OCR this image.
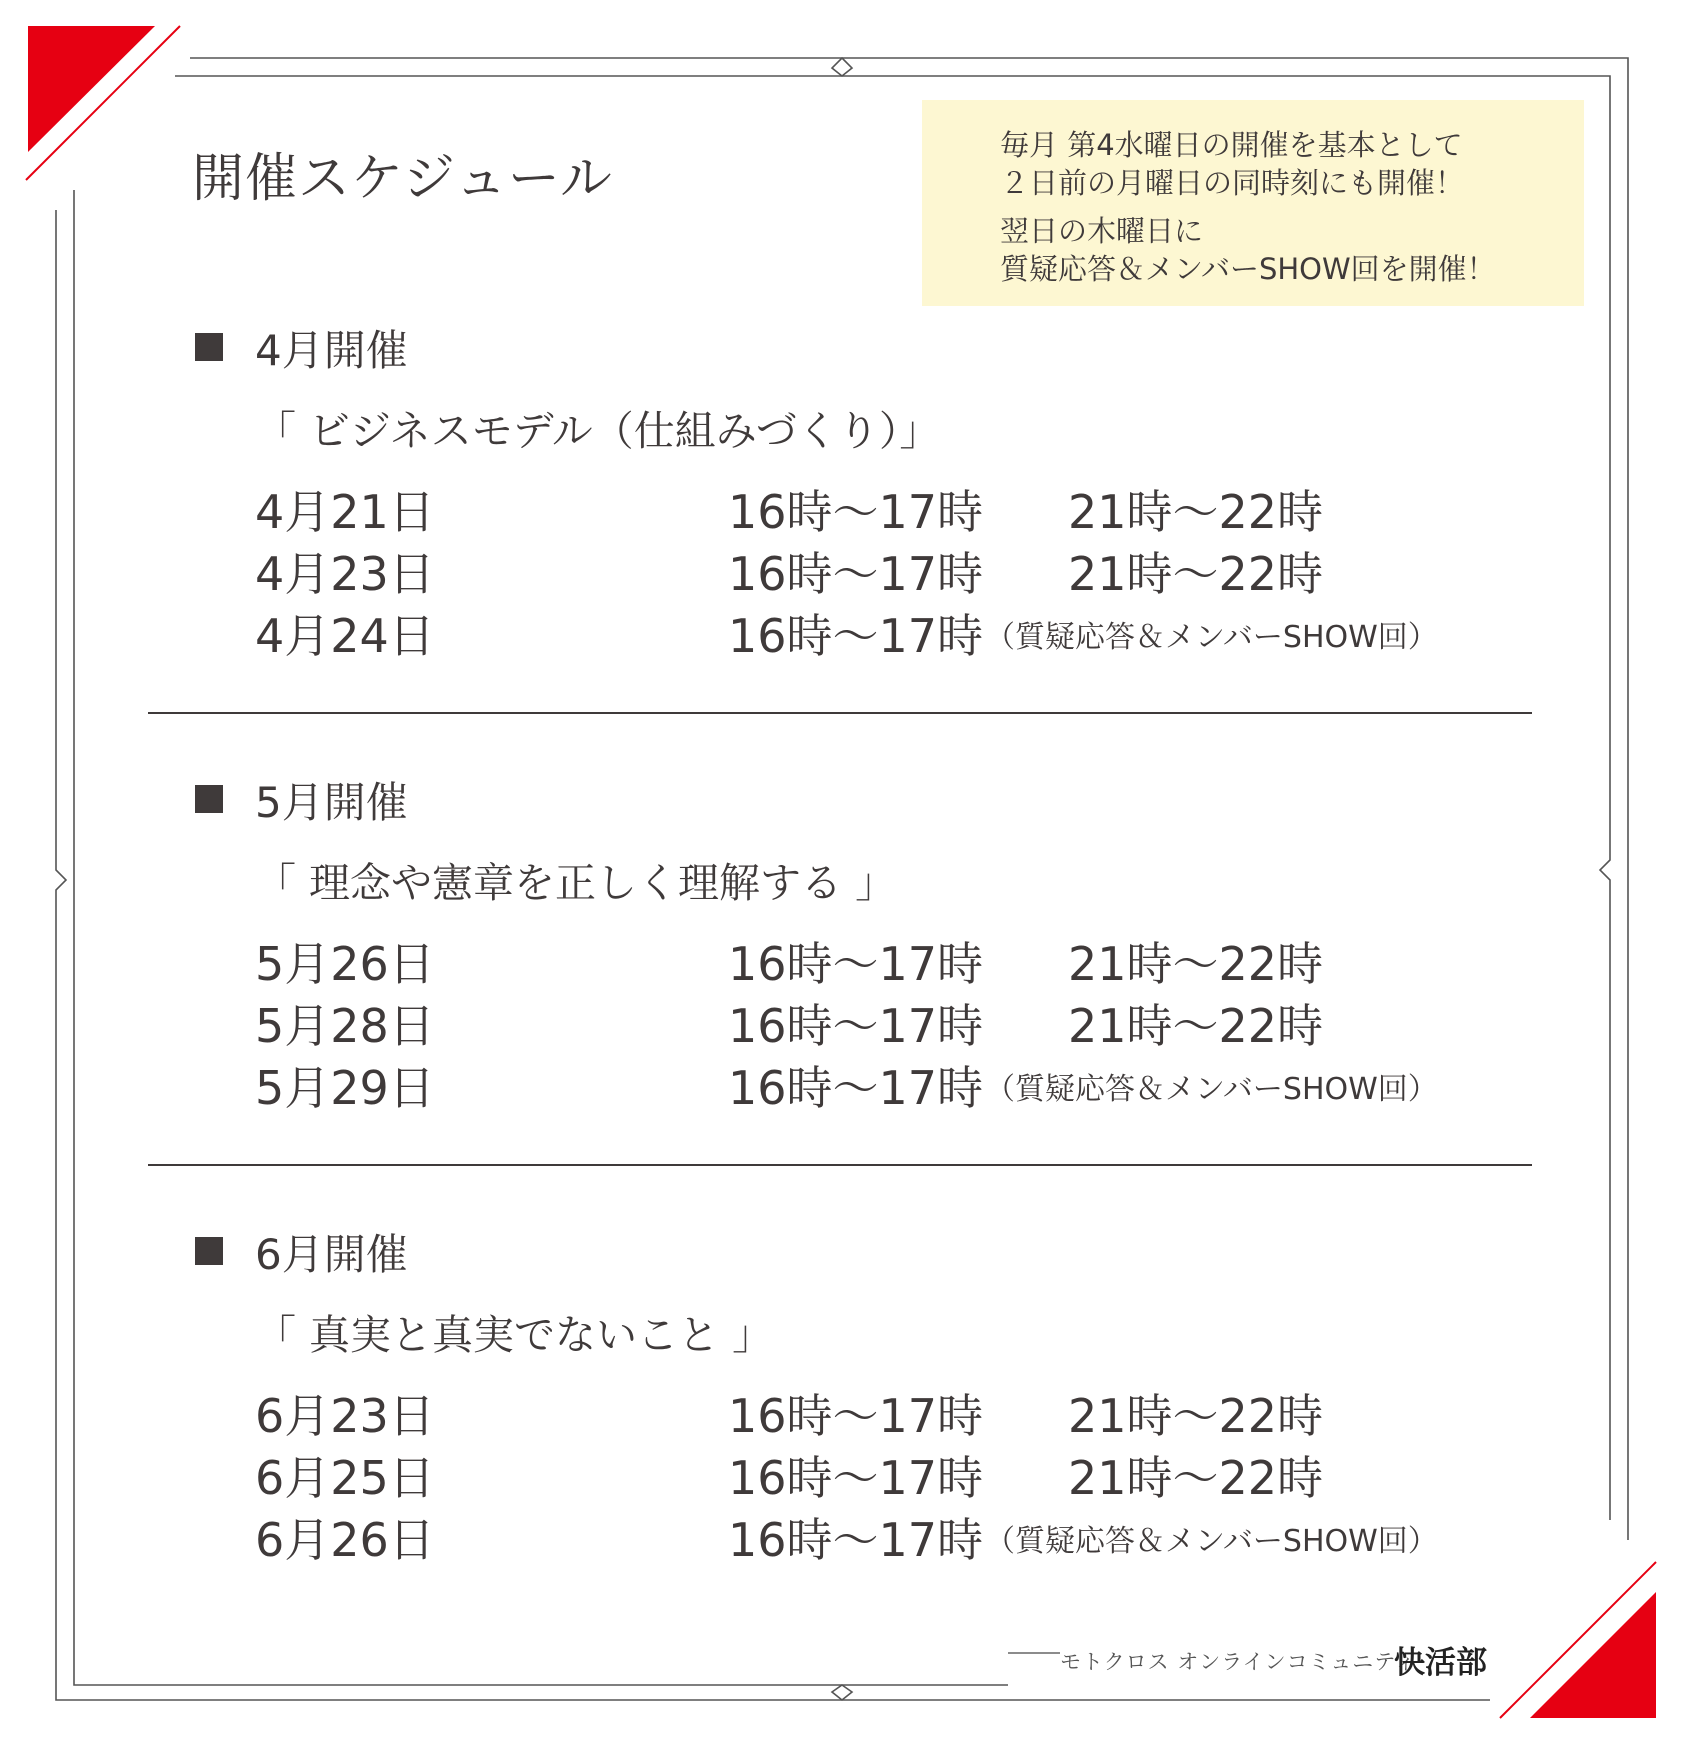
開催スケジュール
毎月 第4水曜日の開催を基本として
２日前の月曜日の同時刻にも開催！
翌日の木曜日に
質疑応答＆メンバーSHOW回を開催！
4月開催
「 ビジネスモデル（仕組みづくり）」
4月21日	16時～17時 21時～22時
4月23日	16時～17時 21時～22時
4月24日	16時～17時 （質疑応答＆メンバーSHOW回）
5月開催
「 理念や憲章を正しく理解する 」
5月26日	16時～17時 21時～22時
5月28日	16時～17時 21時～22時
5月29日	16時～17時 （質疑応答＆メンバーSHOW回）
6月開催
「 真実と真実でないこと 」
6月23日	16時～17時 21時～22時
6月25日	16時～17時 21時～22時
6月26日	16時～17時 （質疑応答＆メンバーSHOW回）
モトクロス オンラインコミュニティ
快活部
